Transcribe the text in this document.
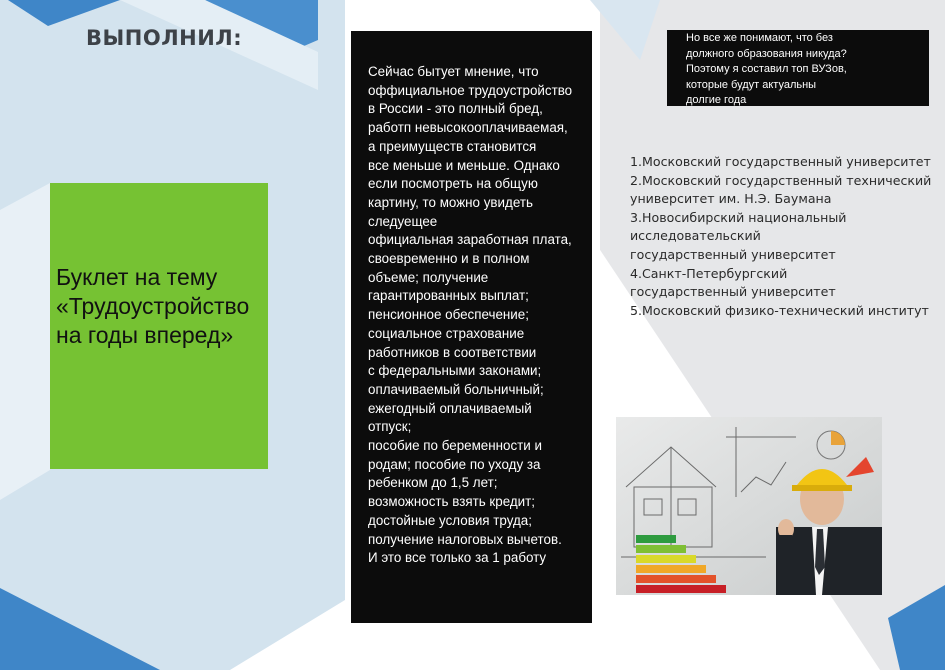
ВЫПОЛНИЛ:
Буклет на тему
«Трудоустройство
на годы вперед»
Сейчас бытует мнение, что
оффициальное трудоустройство
в России - это полный бред,
работп невысокооплачиваемая,
а преимуществ становится
все меньше и меньше. Однако
если посмотреть на общую
картину, то можно увидеть
следуещее
официальная заработная плата,
своевременно и в полном
объеме; получение
гарантированных выплат;
пенсионное обеспечение;
социальное страхование
работников в соответствии
с федеральными законами;
оплачиваемый больничный;
ежегодный оплачиваемый
отпуск;
пособие по беременности и
родам; пособие по уходу за
ребенком до 1,5 лет;
возможность взять кредит;
достойные условия труда;
получение налоговых вычетов.
И это все только за 1 работу
Но все же понимают, что без
должного образования никуда?
Поэтому я составил топ ВУЗов,
которые будут актуальны
долгие года
1.Московский государственный университет
2.Московский государственный технический
университет им. Н.Э. Баумана
3.Новосибирский национальный
исследовательский
государственный университет
4.Санкт-Петербургский
государственный университет
5.Московский физико-технический институт
